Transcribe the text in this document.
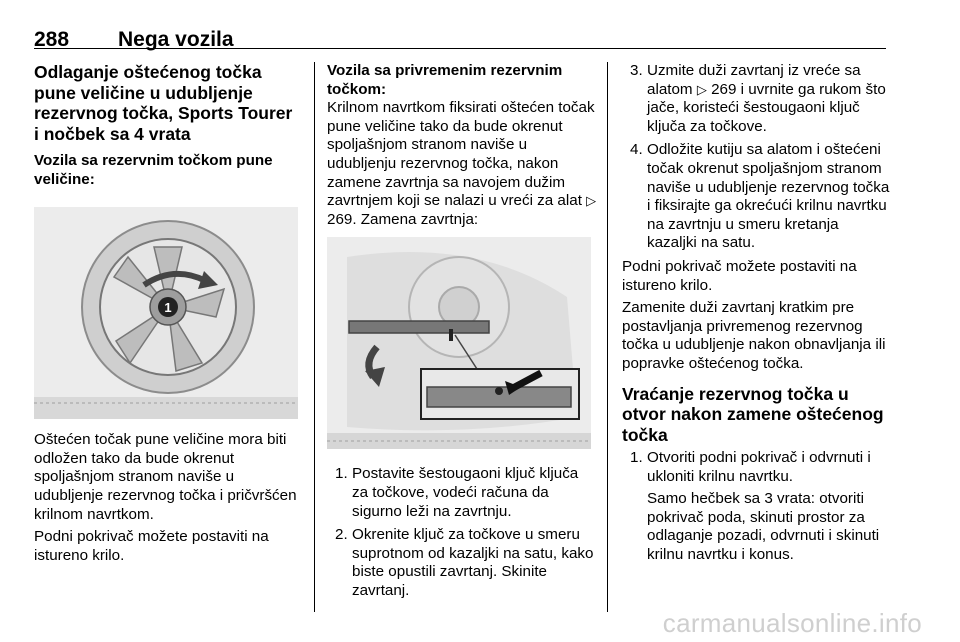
288 Nega vozila
Odlaganje oštećenog točka pune veličine u udubljenje rezervnog točka, Sports Tourer i nočbek sa 4 vrata
Vozila sa rezervnim točkom pune veličine:
1

Oštećen točak pune veličine mora biti odložen tako da bude okrenut spoljašnjom stranom naviše u udubljenje rezervnog točka i pričvršćen krilnom navrtkom.

Podni pokrivač možete postaviti na istureno krilo.

Vozila sa privremenim rezervnim točkom:

Krilnom navrtkom fiksirati oštećen točak pune veličine tako da bude okrenut spoljašnjom stranom naviše u udubljenju rezervnog točka, nakon zamene zavrtnja sa navojem dužim zavrtnjem koji se nalazi u vreći za alat ▷ 269. Zamena zavrtnja:

1. Postavite šestougaoni ključ ključa za točkove, vodeći računa da sigurno leži na zavrtnju.
2. Okrenite ključ za točkove u smeru suprotnom od kazaljki na satu, kako biste opustili zavrtanj. Skinite zavrtanj.
3. Uzmite duži zavrtanj iz vreće sa alatom ▷ 269 i uvrnite ga rukom što jače, koristeći šestougaoni ključ ključa za točkove.
4. Odložite kutiju sa alatom i oštećeni točak okrenut spoljašnjom stranom naviše u udubljenje rezervnog točka i fiksirajte ga okrećući krilnu navrtku na zavrtnju u smeru kretanja kazaljki na satu.

Podni pokrivač možete postaviti na istureno krilo.

Zamenite duži zavrtanj kratkim pre postavljanja privremenog rezervnog točka u udubljenje nakon obnavljanja ili popravke oštećenog točka.

Vraćanje rezervnog točka u otvor nakon zamene oštećenog točka
1. Otvoriti podni pokrivač i odvrnuti i ukloniti krilnu navrtku.
Samo hečbek sa 3 vrata: otvoriti pokrivač poda, skinuti prostor za odlaganje pozadi, odvrnuti i skinuti krilnu navrtku i konus.
carmanualsonline.info
